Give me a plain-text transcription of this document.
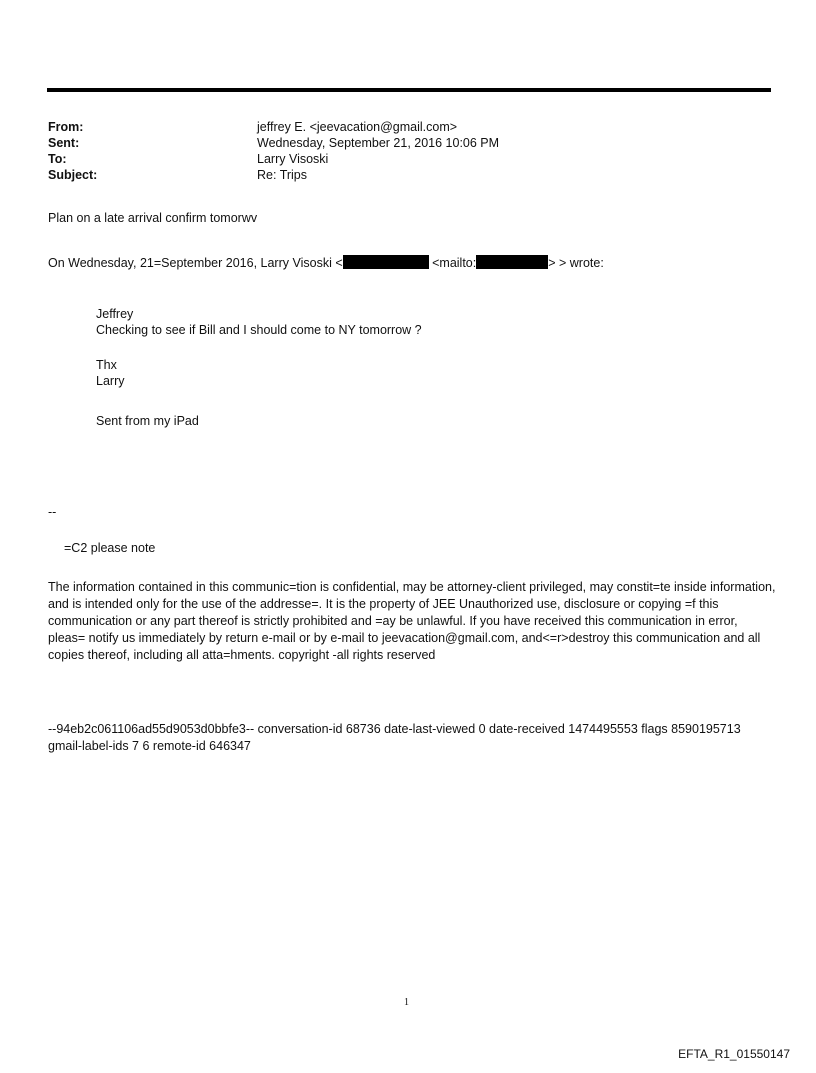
From:	jeffrey E. <jeevacation@gmail.com>
Sent:	Wednesday, September 21, 2016 10:06 PM
To:	Larry Visoski
Subject:	Re: Trips
Plan on a late arrival confirm tomorwv
On Wednesday, 21=September 2016, Larry Visoski <	<mailto:	> > wrote:
Jeffrey
Checking to see if Bill and I should come to NY tomorrow ?
Thx
Larry
Sent from my iPad
--
=C2 please note
The information contained in this communic=tion is confidential, may be attorney-client privileged, may constit=te inside information, and is intended only for the use of the addresse=. It is the property of JEE Unauthorized use, disclosure or copying =f this communication or any part thereof is strictly prohibited and =ay be unlawful. If you have received this communication in error, pleas= notify us immediately by return e-mail or by e-mail to jeevacation@gmail.com, and<=r>destroy this communication and all copies thereof, including all atta=hments. copyright -all rights reserved
--94eb2c061106ad55d9053d0bbfe3-- conversation-id 68736 date-last-viewed 0 date-received 1474495553 flags 8590195713 gmail-label-ids 7 6 remote-id 646347
1
EFTA_R1_01550147
